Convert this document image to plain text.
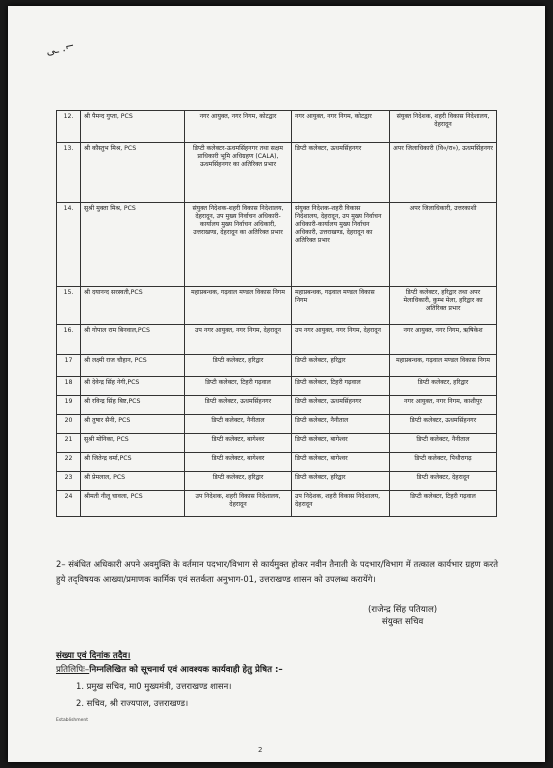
ـى .⌐
12.	श्री पैमन्द गुप्ता, PCS	नगर आयुक्त, नगर निगम, कोटद्वार	नगर आयुक्त, नगर निगम, कोटद्वार	संयुक्त निदेशक, शहरी विकास निदेशालय, देहरादून
13.	श्री कौस्तुभ मिश्र, PCS	डिप्टी कलेक्टर-ऊधमसिंहनगर तथा सक्षम प्राधिकारी भूमि अधिग्रहण (CALA), ऊधमसिंहनगर का अतिरिक्त प्रभार	डिप्टी कलेक्टर, ऊधमसिंहनगर	अपर जिलाधिकारी (वि०/रा०), ऊधमसिंहनगर
14.	सुश्री मुक्ता मिश्र, PCS	संयुक्त निदेशक-शहरी विकास निदेशालय, देहरादून, उप मुख्य निर्वाचन अधिकारी-कार्यालय मुख्य निर्वाचन अधिकारी, उत्तराखण्ड, देहरादून का अतिरिक्त प्रभार	संयुक्त निदेशक-शहरी विकास निदेशालय, देहरादून, उप मुख्य निर्वाचन अधिकारी-कार्यालय मुख्य निर्वाचन अधिकारी, उत्तराखण्ड, देहरादून का अतिरिक्त प्रभार	अपर जिलाधिकारी, उत्तरकाशी
15.	श्री दयानन्द सरस्वती,PCS	महाप्रबन्धक, गढ़वाल मण्डल विकास निगम	महाप्रबन्धक, गढ़वाल मण्डल विकास निगम	डिप्टी कलेक्टर, हरिद्वार तथा अपर मेलाधिकारी, कुम्भ मेला, हरिद्वार का अतिरिक्त प्रभार
16.	श्री गोपाल राम बिनवाल,PCS	उप नगर आयुक्त, नगर निगम, देहरादून	उप नगर आयुक्त, नगर निगम, देहरादून	नगर आयुक्त, नगर निगम, ऋषिकेश
17	श्री लक्ष्मी राज चौहान, PCS	डिप्टी कलेक्टर, हरिद्वार	डिप्टी कलेक्टर, हरिद्वार	महाप्रबन्धक, गढ़वाल मण्डल विकास निगम
18	श्री देवेन्द्र सिंह नेगी,PCS	डिप्टी कलेक्टर, टिहरी गढ़वाल	डिप्टी कलेक्टर, टिहरी गढ़वाल	डिप्टी कलेक्टर, हरिद्वार
19	श्री रविन्द्र सिंह बिष्ट,PCS	डिप्टी कलेक्टर, ऊधमसिंहनगर	डिप्टी कलेक्टर, ऊधमसिंहनगर	नगर आयुक्त, नगर निगम, काशीपुर
20	श्री तुषार सैनी, PCS	डिप्टी कलेक्टर, नैनीताल	डिप्टी कलेक्टर, नैनीताल	डिप्टी कलेक्टर, ऊधमसिंहनगर
21	सुश्री मोनिका, PCS	डिप्टी कलेक्टर, बागेश्वर	डिप्टी कलेक्टर, बागेश्वर	डिप्टी कलेक्टर, नैनीताल
22	श्री जितेन्द्र वर्मा,PCS	डिप्टी कलेक्टर, बागेश्वर	डिप्टी कलेक्टर, बागेश्वर	डिप्टी कलेक्टर, पिथौरागढ़
23	श्री प्रेमलाल, PCS	डिप्टी कलेक्टर, हरिद्वार	डिप्टी कलेक्टर, हरिद्वार	डिप्टी कलेक्टर, देहरादून
24	श्रीमती नीलू चावला, PCS	उप निदेशक, शहरी विकास निदेशालय, देहरादून	उप निदेशक, शहरी विकास निदेशालय, देहरादून	डिप्टी कलेक्टर, टिहरी गढ़वाल
2– संबंधित अधिकारी अपने अवमुक्ति के वर्तमान पदभार/विभाग से कार्यमुक्त होकर नवीन तैनाती के पदभार/विभाग में तत्काल कार्यभार ग्रहण करते हुये तद्‌विषयक आख्या/प्रमाणक कार्मिक एवं सतर्कता अनुभाग-01, उत्तराखण्ड शासन को उपलब्ध करायेंगे।
(राजेन्द्र सिंह पतियाल)
संयुक्त सचिव
संख्या एवं दिनांक तदैव।
प्रतिलिपिः–निम्नलिखित को सूचनार्थ एवं आवश्यक कार्यवाही हेतु प्रेषित :–
1. प्रमुख सचिव, मा0 मुख्यमंत्री, उत्तराखण्ड शासन।
2. सचिव, श्री राज्यपाल, उत्तराखण्ड।
Establishment
2
